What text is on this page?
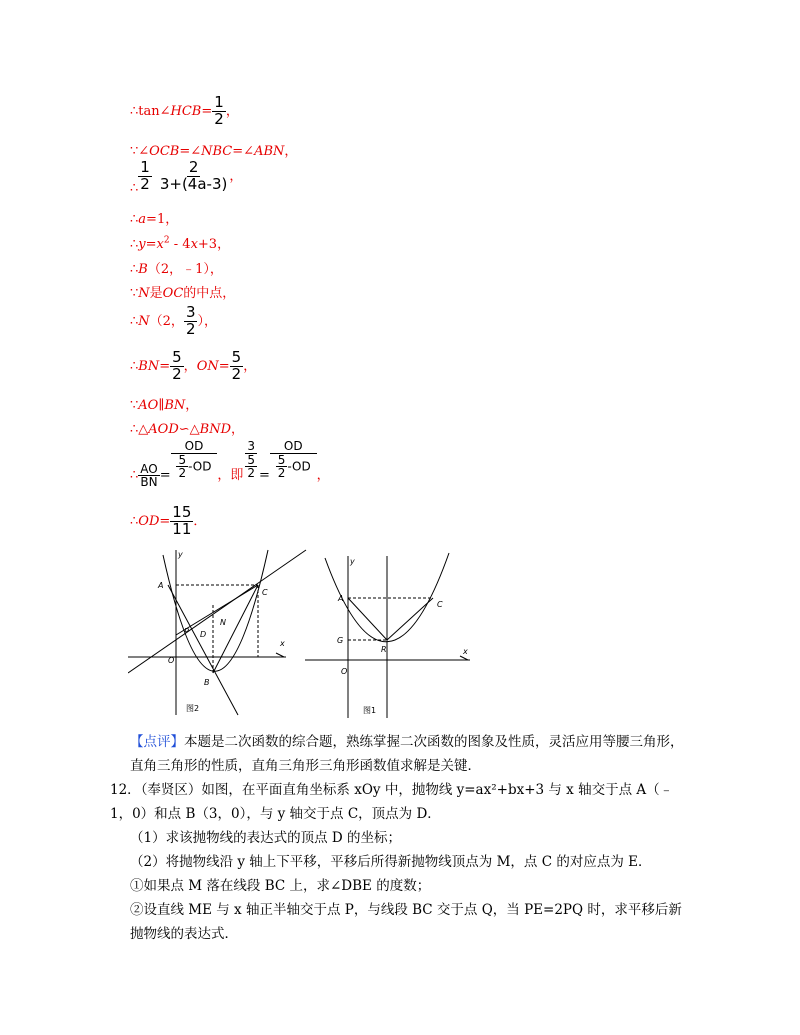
∴tan∠HCB= $\frac{1}{2}$ ，
∵∠OCB=∠NBC=∠ABN，
∴ $\frac{1}{2} \frac{2}{3+(4a-3)}$ ，
∴a=1，
$\therefore y=x^2 - 4x+3$，
∴B（2，﹣1），
∵N是OC的中点，
∴N（2， $\frac{3}{2}$ ），
∴BN= $\frac{5}{2}$ ，$ON= \frac{5}{2}$ ，
∵AO∥BN，
∴△AOD∽△BND，
∴ $\frac{AO}{BN} = \frac{OD}{\frac{5}{2} -OD}$ ，即 $\frac{3}{\frac{5}{2}} = \frac{OD}{\frac{5}{2} -OD}$ ，
∴OD= $\frac{15}{11}$ ．
y
x
A
C
P D
N
O
B
图2
y
x
A
C
G
R
O
图1
【点评】本题是二次函数的综合题，熟练掌握二次函数的图象及性质，灵活应用等腰三角形，直角三角形的性质，直角三角形三角形函数值求解是关键．
12．（奉贤区）如图，在平面直角坐标系 xOy 中，抛物线 y=ax²+bx+3 与 x 轴交于点 A（﹣1，0）和点 B（3，0），与 y 轴交于点 C，顶点为 D．
（1）求该抛物线的表达式的顶点 D 的坐标；
（2）将抛物线沿 y 轴上下平移，平移后所得新抛物线顶点为 M，点 C 的对应点为 E．
①如果点 M 落在线段 BC 上，求∠DBE 的度数；
②设直线 ME 与 x 轴正半轴交于点 P，与线段 BC 交于点 Q，当 PE=2PQ 时，求平移后新抛物线的表达式．
